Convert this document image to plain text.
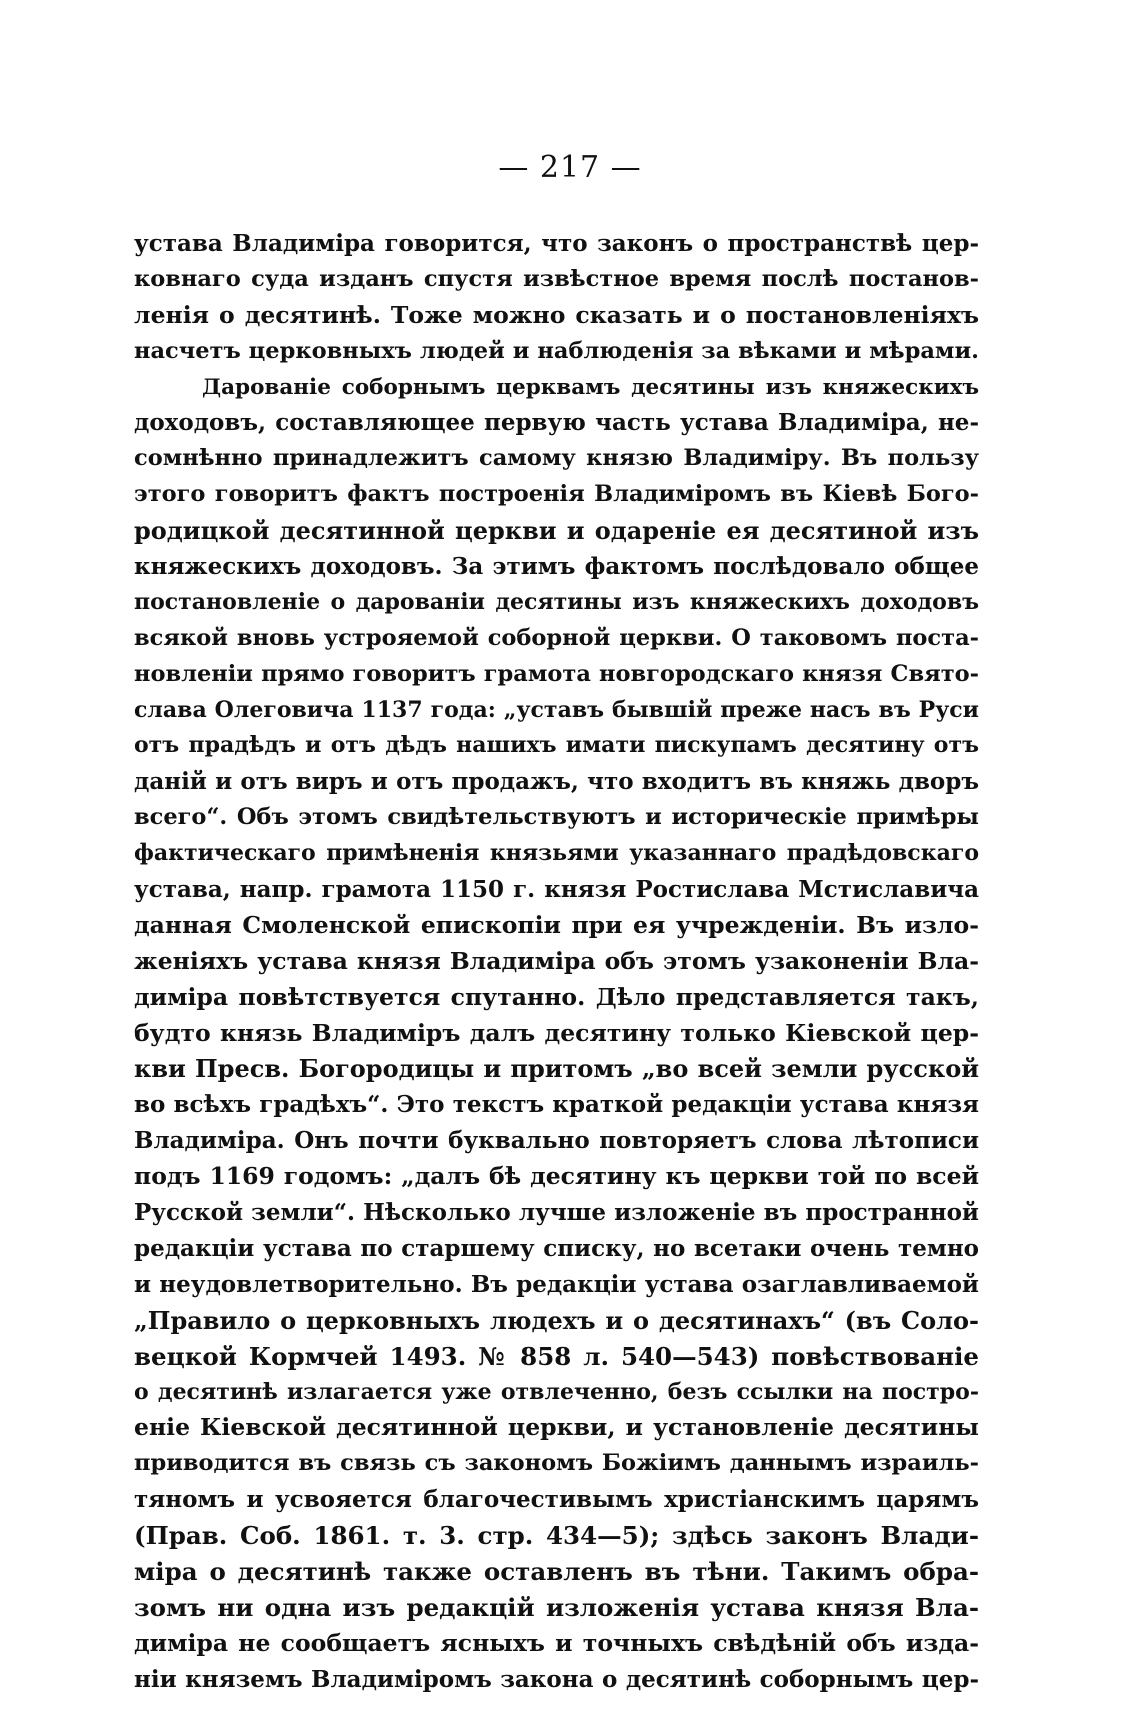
— 217 —
устава Владиміра говорится, что законъ о пространствѣ цер-
ковнаго суда изданъ спустя извѣстное время послѣ постанов-
ленія о десятинѣ. Тоже можно сказать и о постановленіяхъ
насчетъ церковныхъ людей и наблюденія за вѣками и мѣрами.
Дарованіе соборнымъ церквамъ десятины изъ княжескихъ
доходовъ, составляющее первую часть устава Владиміра, не-
сомнѣнно принадлежитъ самому князю Владиміру. Въ пользу
этого говоритъ фактъ построенія Владиміромъ въ Кіевѣ Бого-
родицкой десятинной церкви и одареніе ея десятиной изъ
княжескихъ доходовъ. За этимъ фактомъ послѣдовало общее
постановленіе о дарованіи десятины изъ княжескихъ доходовъ
всякой вновь устрояемой соборной церкви. О таковомъ поста-
новленіи прямо говоритъ грамота новгородскаго князя Свято-
слава Олеговича 1137 года: „уставъ бывшій преже насъ въ Руси
отъ прадѣдъ и отъ дѣдъ нашихъ имати пискупамъ десятину отъ
даній и отъ виръ и отъ продажъ, что входитъ въ княжь дворъ
всего“. Объ этомъ свидѣтельствуютъ и историческіе примѣры
фактическаго примѣненія князьями указаннаго прадѣдовскаго
устава, напр. грамота 1150 г. князя Ростислава Мстиславича
данная Смоленской епископіи при ея учрежденіи. Въ изло-
женіяхъ устава князя Владиміра объ этомъ узаконеніи Вла-
диміра повѣтствуется спутанно. Дѣло представляется такъ,
будто князь Владиміръ далъ десятину только Кіевской цер-
кви Пресв. Богородицы и притомъ „во всей земли русской
во всѣхъ градѣхъ“. Это текстъ краткой редакціи устава князя
Владиміра. Онъ почти буквально повторяетъ слова лѣтописи
подъ 1169 годомъ: „далъ бѣ десятину къ церкви той по всей
Русской земли“. Нѣсколько лучше изложеніе въ пространной
редакціи устава по старшему списку, но всетаки очень темно
и неудовлетворительно. Въ редакціи устава озаглавливаемой
„Правило о церковныхъ людехъ и о десятинахъ“ (въ Соло-
вецкой Кормчей 1493. № 858 л. 540—543) повѣствованіе
о десятинѣ излагается уже отвлеченно, безъ ссылки на постро-
еніе Кіевской десятинной церкви, и установленіе десятины
приводится въ связь съ закономъ Божіимъ даннымъ израиль-
тяномъ и усвояется благочестивымъ христіанскимъ царямъ
(Прав. Соб. 1861. т. 3. стр. 434—5); здѣсь законъ Влади-
міра о десятинѣ также оставленъ въ тѣни. Такимъ обра-
зомъ ни одна изъ редакцій изложенія устава князя Вла-
диміра не сообщаетъ ясныхъ и точныхъ свѣдѣній объ изда-
ніи княземъ Владиміромъ закона о десятинѣ соборнымъ цер-
